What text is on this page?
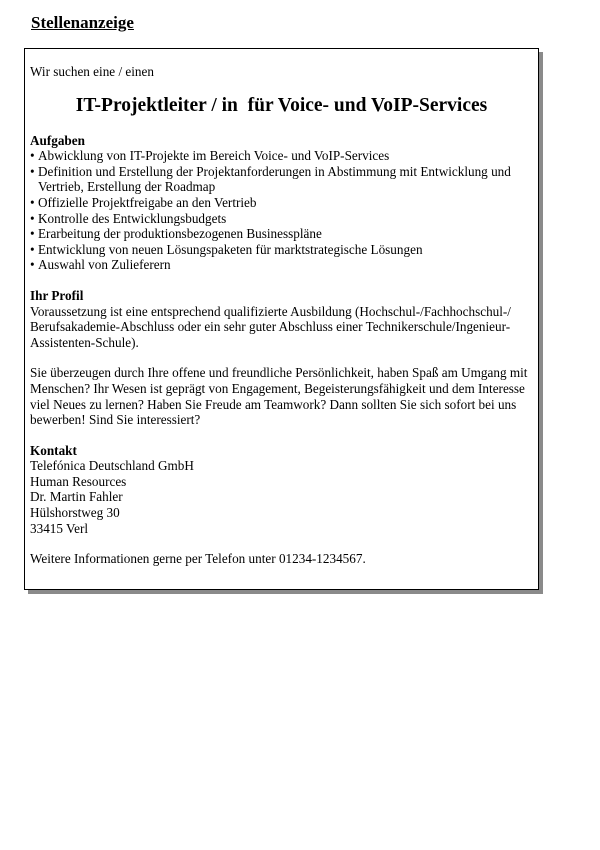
Stellenanzeige

Wir suchen eine / einen

IT-Projektleiter / in  für Voice- und VoIP-Services

Aufgaben

• Abwicklung von IT-Projekte im Bereich Voice- und VoIP-Services
• Definition und Erstellung der Projektanforderungen in Abstimmung mit Entwicklung und Vertrieb, Erstellung der Roadmap
• Offizielle Projektfreigabe an den Vertrieb
• Kontrolle des Entwicklungsbudgets
• Erarbeitung der produktionsbezogenen Businesspläne
• Entwicklung von neuen Lösungspaketen für marktstrategische Lösungen
• Auswahl von Zulieferern

Ihr Profil

Voraussetzung ist eine entsprechend qualifizierte Ausbildung (Hochschul-/Fachhochschul-/ Berufsakademie-Abschluss oder ein sehr guter Abschluss einer Technikerschule/Ingenieur-Assistenten-Schule).

Sie überzeugen durch Ihre offene und freundliche Persönlichkeit, haben Spaß am Umgang mit Menschen? Ihr Wesen ist geprägt von Engagement, Begeisterungsfähigkeit und dem Interesse viel Neues zu lernen? Haben Sie Freude am Teamwork? Dann sollten Sie sich sofort bei uns bewerben! Sind Sie interessiert?

Kontakt

Telefónica Deutschland GmbH

Human Resources

Dr. Martin Fahler

Hülshorstweg 30

33415 Verl

Weitere Informationen gerne per Telefon unter 01234-1234567.
